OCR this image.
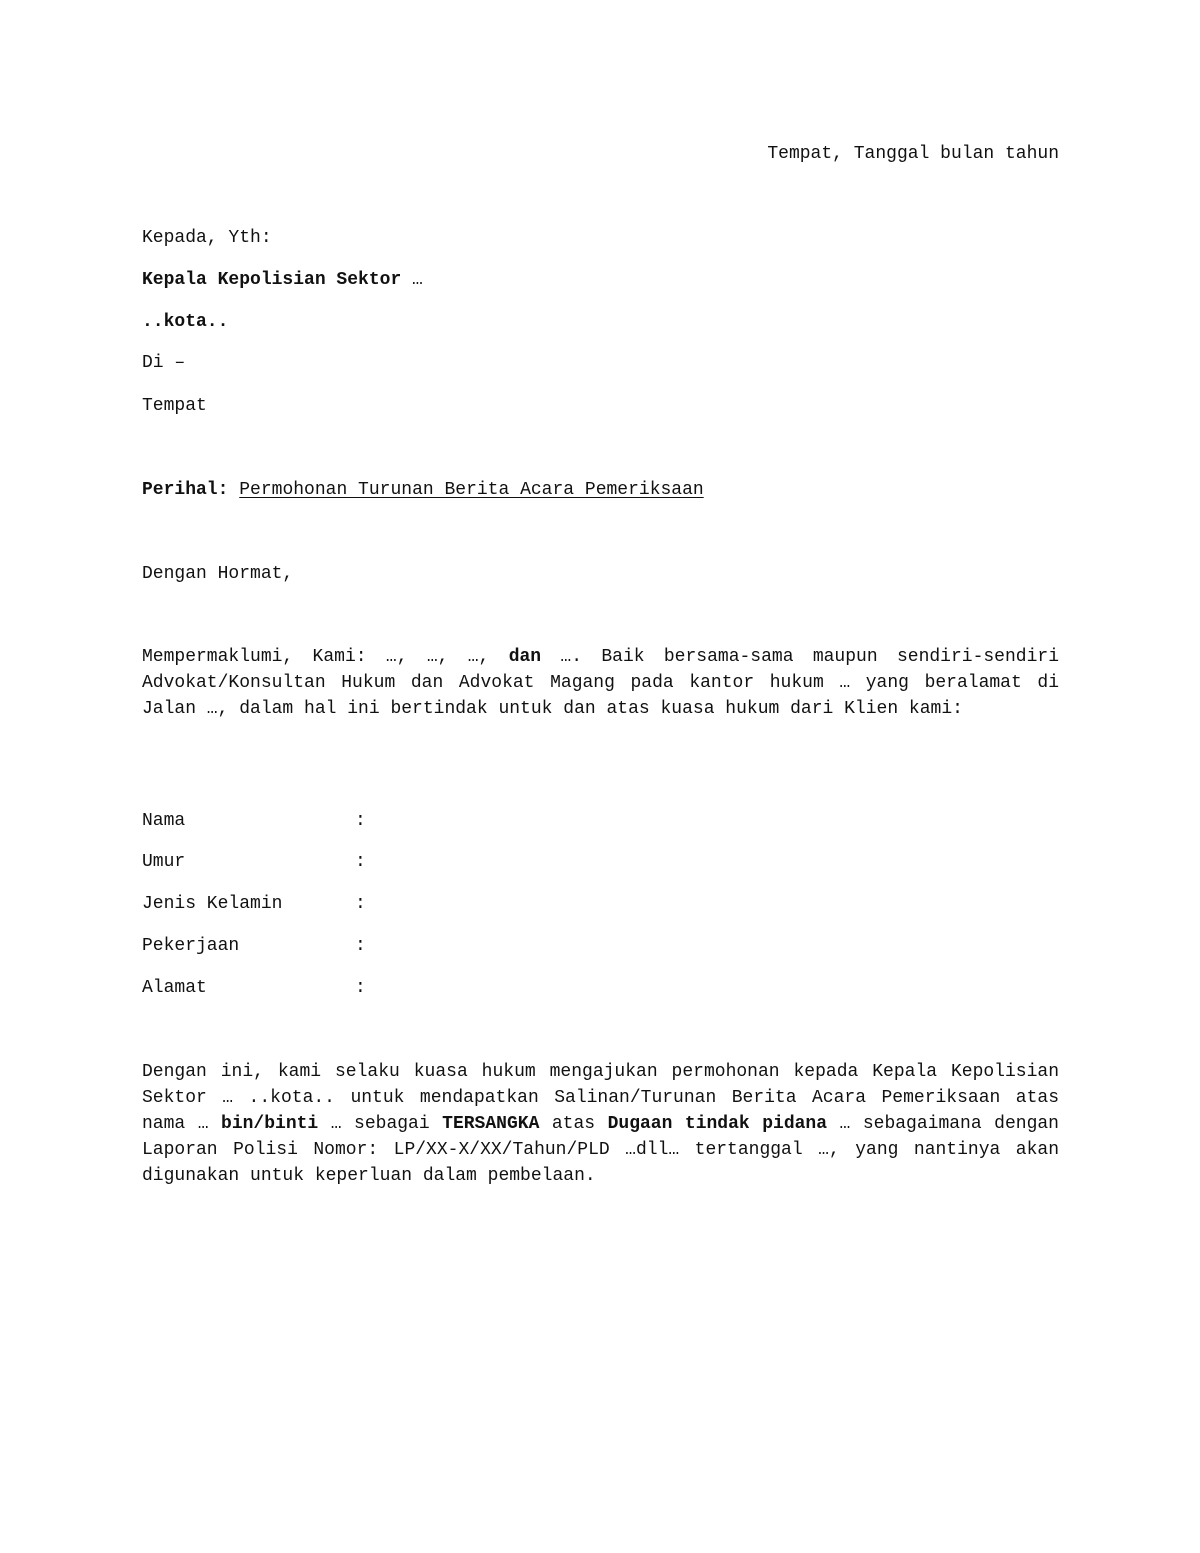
Tempat, Tanggal bulan tahun
Kepada, Yth:
Kepala Kepolisian Sektor …
..kota..
Di –
Tempat
Perihal: Permohonan Turunan Berita Acara Pemeriksaan
Dengan Hormat,
Mempermaklumi, Kami: …, …, …, dan …. Baik bersama-sama maupun sendiri-sendiri Advokat/Konsultan Hukum dan Advokat Magang pada kantor hukum … yang beralamat di Jalan …, dalam hal ini bertindak untuk dan atas kuasa hukum dari Klien kami:
Nama	:
Umur	:
Jenis Kelamin	:
Pekerjaan	:
Alamat	:
Dengan ini, kami selaku kuasa hukum mengajukan permohonan kepada Kepala Kepolisian Sektor … ..kota.. untuk mendapatkan Salinan/Turunan Berita Acara Pemeriksaan atas nama … bin/binti … sebagai TERSANGKA atas Dugaan tindak pidana … sebagaimana dengan Laporan Polisi Nomor: LP/XX-X/XX/Tahun/PLD …dll… tertanggal …, yang nantinya akan digunakan untuk keperluan dalam pembelaan.
